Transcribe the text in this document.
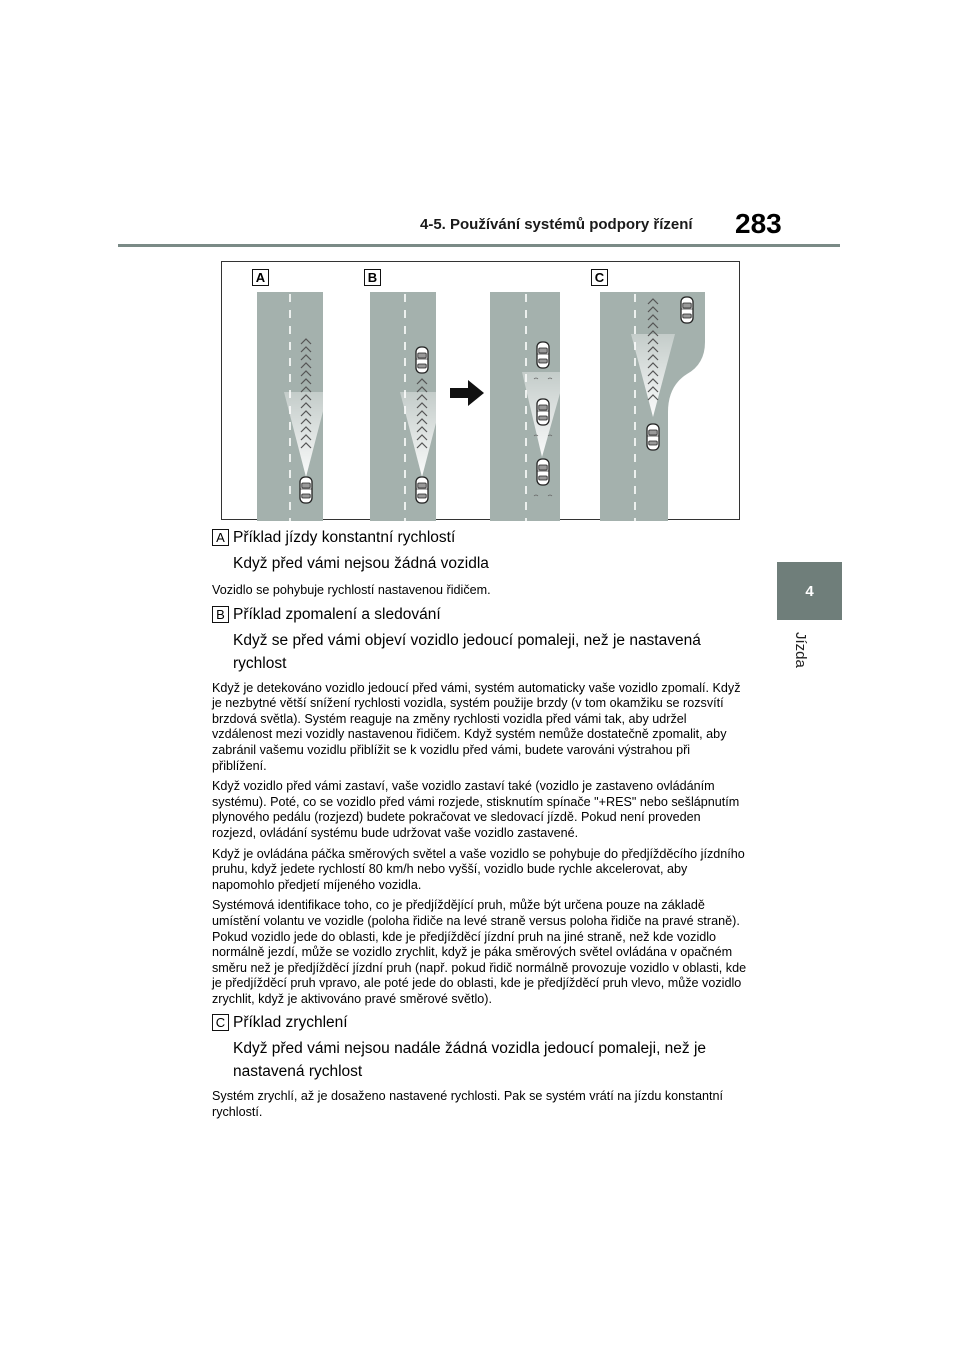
4-5. Používání systémů podpory řízení 283
4
Jízda
A	B	C
A Příklad jízdy konstantní rychlostí
Když před vámi nejsou žádná vozidla
Vozidlo se pohybuje rychlostí nastavenou řidičem.
B Příklad zpomalení a sledování
Když se před vámi objeví vozidlo jedoucí pomaleji, než je nastavená rychlost
Když je detekováno vozidlo jedoucí před vámi, systém automaticky vaše vozidlo zpomalí. Když je nezbytné větší snížení rychlosti vozidla, systém použije brzdy (v tom okamžiku se rozsvítí brzdová světla). Systém reaguje na změny rychlosti vozidla před vámi tak, aby udržel vzdálenost mezi vozidly nastavenou řidičem. Když systém nemůže dostatečně zpomalit, aby zabránil vašemu vozidlu přiblížit se k vozidlu před vámi, budete varováni výstrahou při přiblížení.
Když vozidlo před vámi zastaví, vaše vozidlo zastaví také (vozidlo je zastaveno ovládáním systému). Poté, co se vozidlo před vámi rozjede, stisknutím spínače "+RES" nebo sešlápnutím plynového pedálu (rozjezd) budete pokračovat ve sledovací jízdě. Pokud není proveden rozjezd, ovládání systému bude udržovat vaše vozidlo zastavené.
Když je ovládána páčka směrových světel a vaše vozidlo se pohybuje do předjížděcího jízdního pruhu, když jedete rychlostí 80 km/h nebo vyšší, vozidlo bude rychle akcelerovat, aby napomohlo předjetí míjeného vozidla.
Systémová identifikace toho, co je předjíždějící pruh, může být určena pouze na základě umístění volantu ve vozidle (poloha řidiče na levé straně versus poloha řidiče na pravé straně). Pokud vozidlo jede do oblasti, kde je předjížděcí jízdní pruh na jiné straně, než kde vozidlo normálně jezdí, může se vozidlo zrychlit, když je páka směrových světel ovládána v opačném směru než je předjížděcí jízdní pruh (např. pokud řidič normálně provozuje vozidlo v oblasti, kde je předjížděcí pruh vpravo, ale poté jede do oblasti, kde je předjížděcí pruh vlevo, může vozidlo zrychlit, když je aktivováno pravé směrové světlo).
C Příklad zrychlení
Když před vámi nejsou nadále žádná vozidla jedoucí pomaleji, než je nastavená rychlost
Systém zrychlí, až je dosaženo nastavené rychlosti. Pak se systém vrátí na jízdu konstantní rychlostí.
